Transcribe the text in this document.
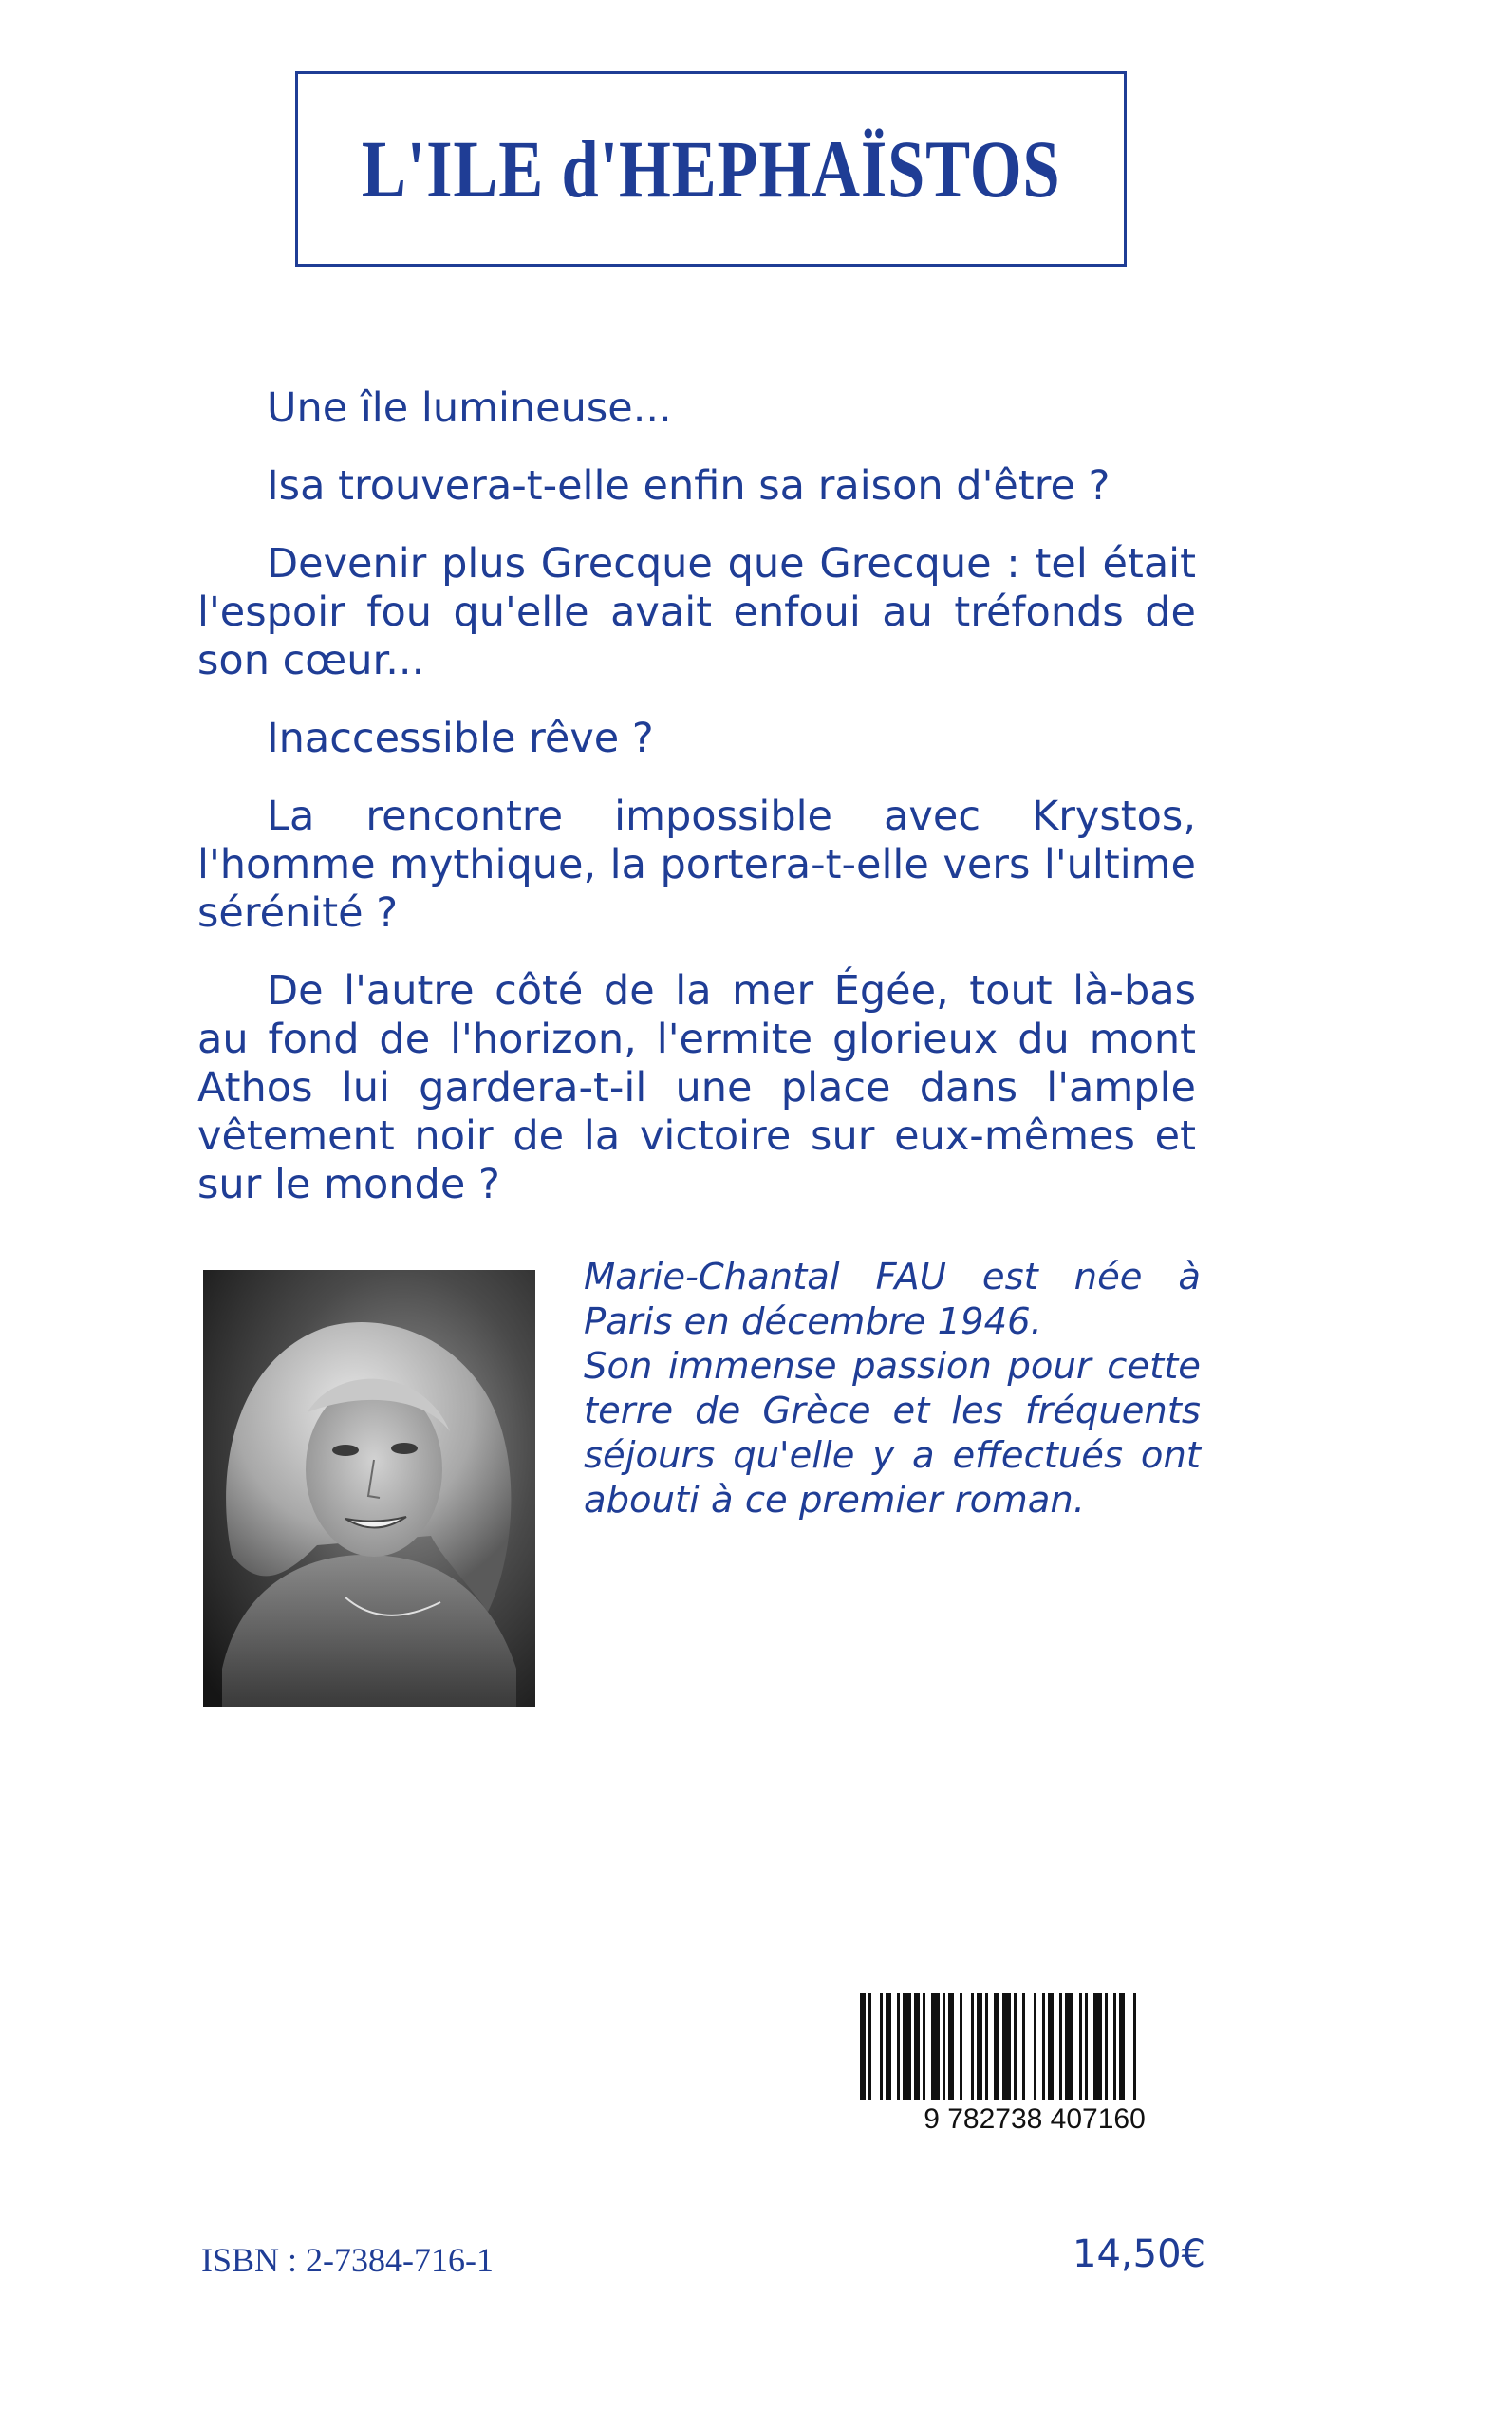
L'ILE d'HEPHAÏSTOS

Une île lumineuse...

Isa trouvera-t-elle enfin sa raison d'être ?

Devenir plus Grecque que Grecque : tel était l'espoir fou qu'elle avait enfoui au tréfonds de son cœur...

Inaccessible rêve ?

La rencontre impossible avec Krystos, l'homme mythique, la portera-t-elle vers l'ultime sérénité ?

De l'autre côté de la mer Égée, tout là-bas au fond de l'horizon, l'ermite glorieux du mont Athos lui gardera-t-il une place dans l'ample vêtement noir de la victoire sur eux-mêmes et sur le monde ?

Marie-Chantal FAU est née à Paris en décembre 1946.

Son immense passion pour cette terre de Grèce et les fréquents séjours qu'elle y a effectués ont abouti à ce premier roman.

9 782738 407160
ISBN : 2-7384-716-1	14,50€
